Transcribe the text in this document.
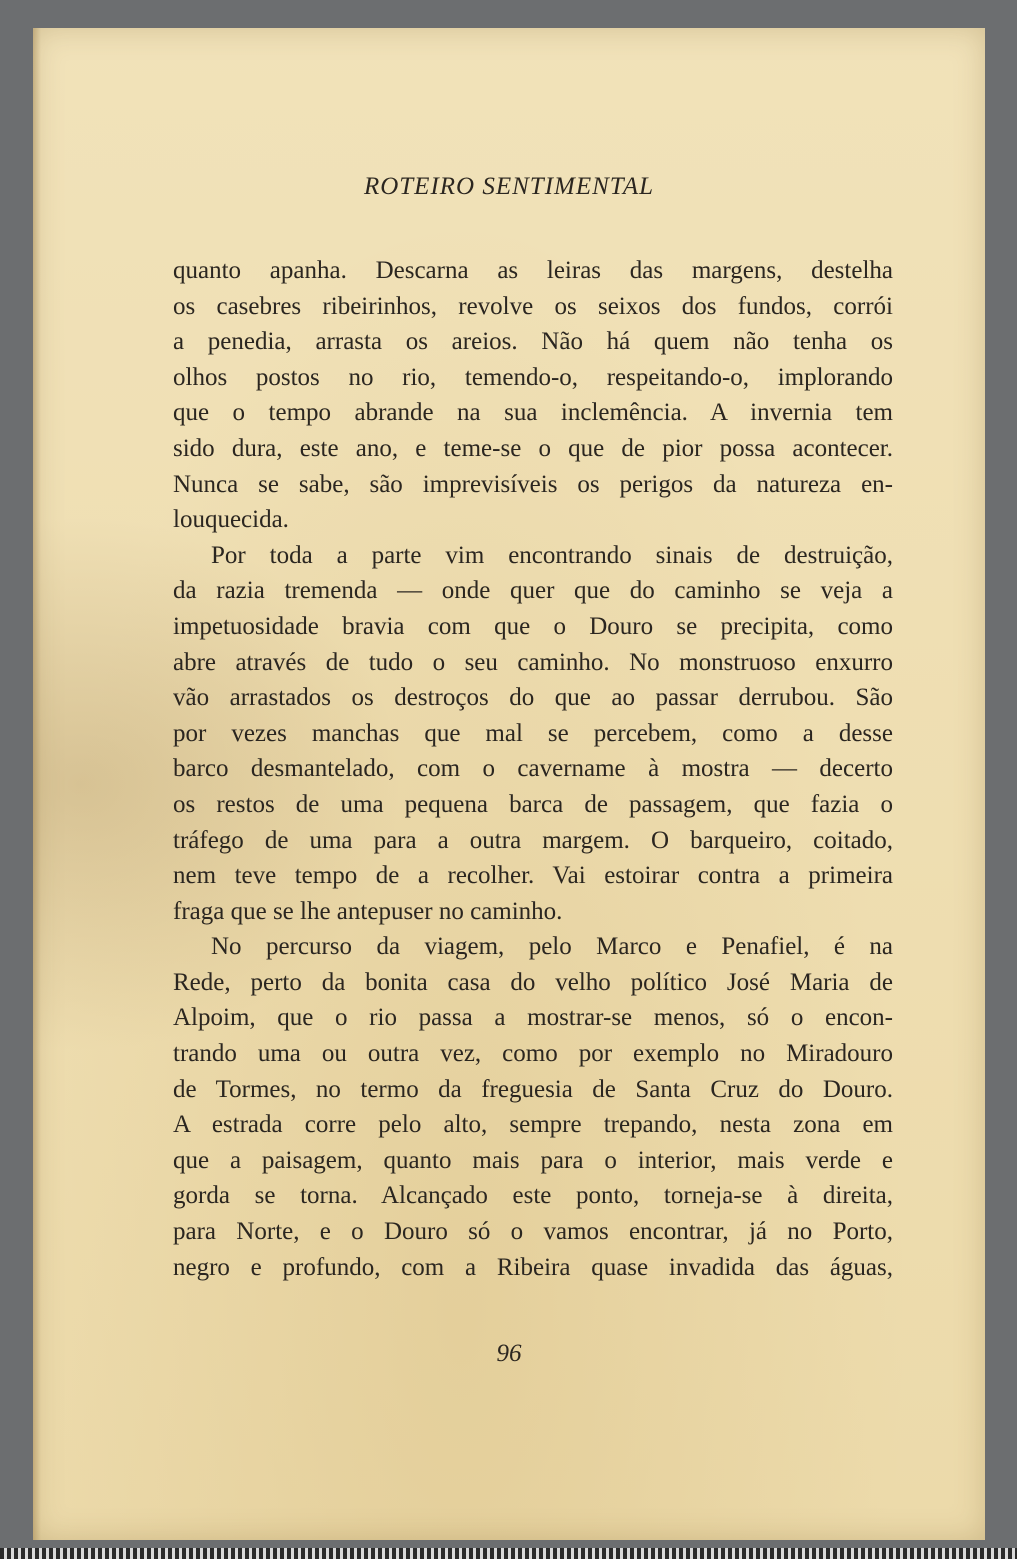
ROTEIRO SENTIMENTAL
quanto apanha. Descarna as leiras das margens, destelha
os casebres ribeirinhos, revolve os seixos dos fundos, corrói
a penedia, arrasta os areios. Não há quem não tenha os
olhos postos no rio, temendo-o, respeitando-o, implorando
que o tempo abrande na sua inclemência. A invernia tem
sido dura, este ano, e teme-se o que de pior possa acontecer.
Nunca se sabe, são imprevisíveis os perigos da natureza en-
louquecida.
Por toda a parte vim encontrando sinais de destruição,
da razia tremenda — onde quer que do caminho se veja a
impetuosidade bravia com que o Douro se precipita, como
abre através de tudo o seu caminho. No monstruoso enxurro
vão arrastados os destroços do que ao passar derrubou. São
por vezes manchas que mal se percebem, como a desse
barco desmantelado, com o cavername à mostra — decerto
os restos de uma pequena barca de passagem, que fazia o
tráfego de uma para a outra margem. O barqueiro, coitado,
nem teve tempo de a recolher. Vai estoirar contra a primeira
fraga que se lhe antepuser no caminho.
No percurso da viagem, pelo Marco e Penafiel, é na
Rede, perto da bonita casa do velho político José Maria de
Alpoim, que o rio passa a mostrar-se menos, só o encon-
trando uma ou outra vez, como por exemplo no Miradouro
de Tormes, no termo da freguesia de Santa Cruz do Douro.
A estrada corre pelo alto, sempre trepando, nesta zona em
que a paisagem, quanto mais para o interior, mais verde e
gorda se torna. Alcançado este ponto, torneja-se à direita,
para Norte, e o Douro só o vamos encontrar, já no Porto,
negro e profundo, com a Ribeira quase invadida das águas,
96
